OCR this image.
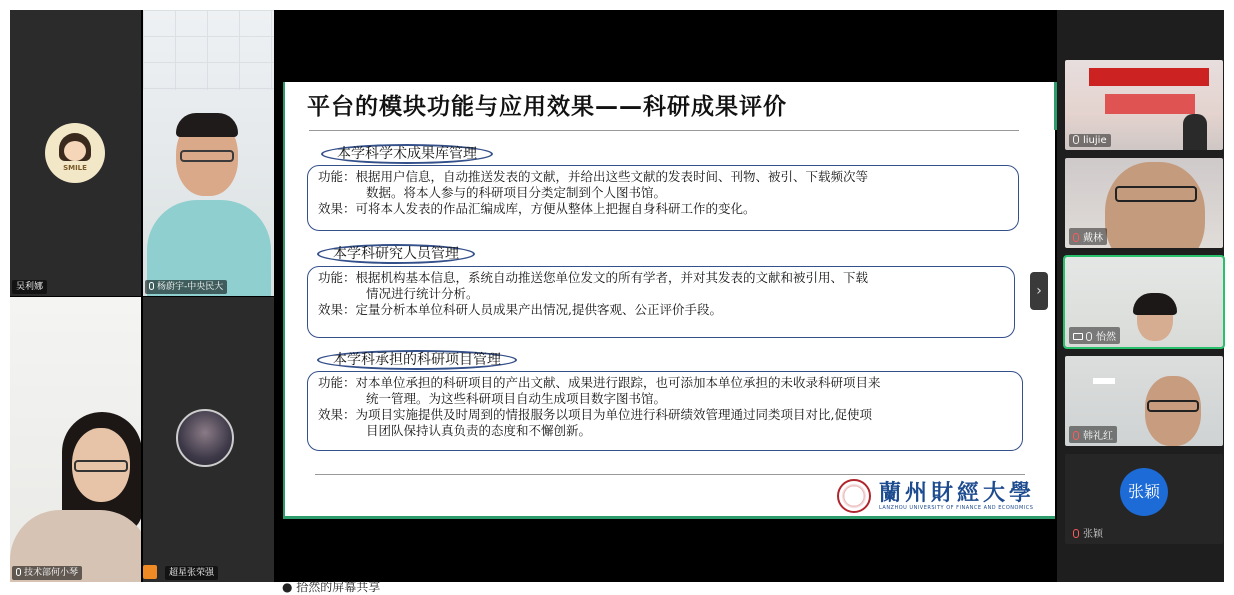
SMILE
吴利娜	杨蔚宇-中央民大
技术部何小琴	超星张荣强
平台的模块功能与应用效果——科研成果评价
本学科学术成果库管理
功能： 根据用户信息，自动推送发表的文献，并给出这些文献的发表时间、刊物、被引、下载频次等
数据。将本人参与的科研项目分类定制到个人图书馆。
效果： 可将本人发表的作品汇编成库，方便从整体上把握自身科研工作的变化。
本学科研究人员管理
功能： 根据机构基本信息，系统自动推送您单位发文的所有学者，并对其发表的文献和被引用、下载
情况进行统计分析。
效果： 定量分析本单位科研人员成果产出情况,提供客观、公正评价手段。
本学科承担的科研项目管理
功能： 对本单位承担的科研项目的产出文献、成果进行跟踪，也可添加本单位承担的未收录科研项目来
统一管理。为这些科研项目自动生成项目数字图书馆。
效果： 为项目实施提供及时周到的情报服务以项目为单位进行科研绩效管理通过同类项目对比,促使项
目团队保持认真负责的态度和不懈创新。
蘭州財經大學
LANZHOU UNIVERSITY OF FINANCE AND ECONOMICS
›
liujie
戴林
怡然
韩礼红
张颖
张颖
● 拾然的屏幕共享
